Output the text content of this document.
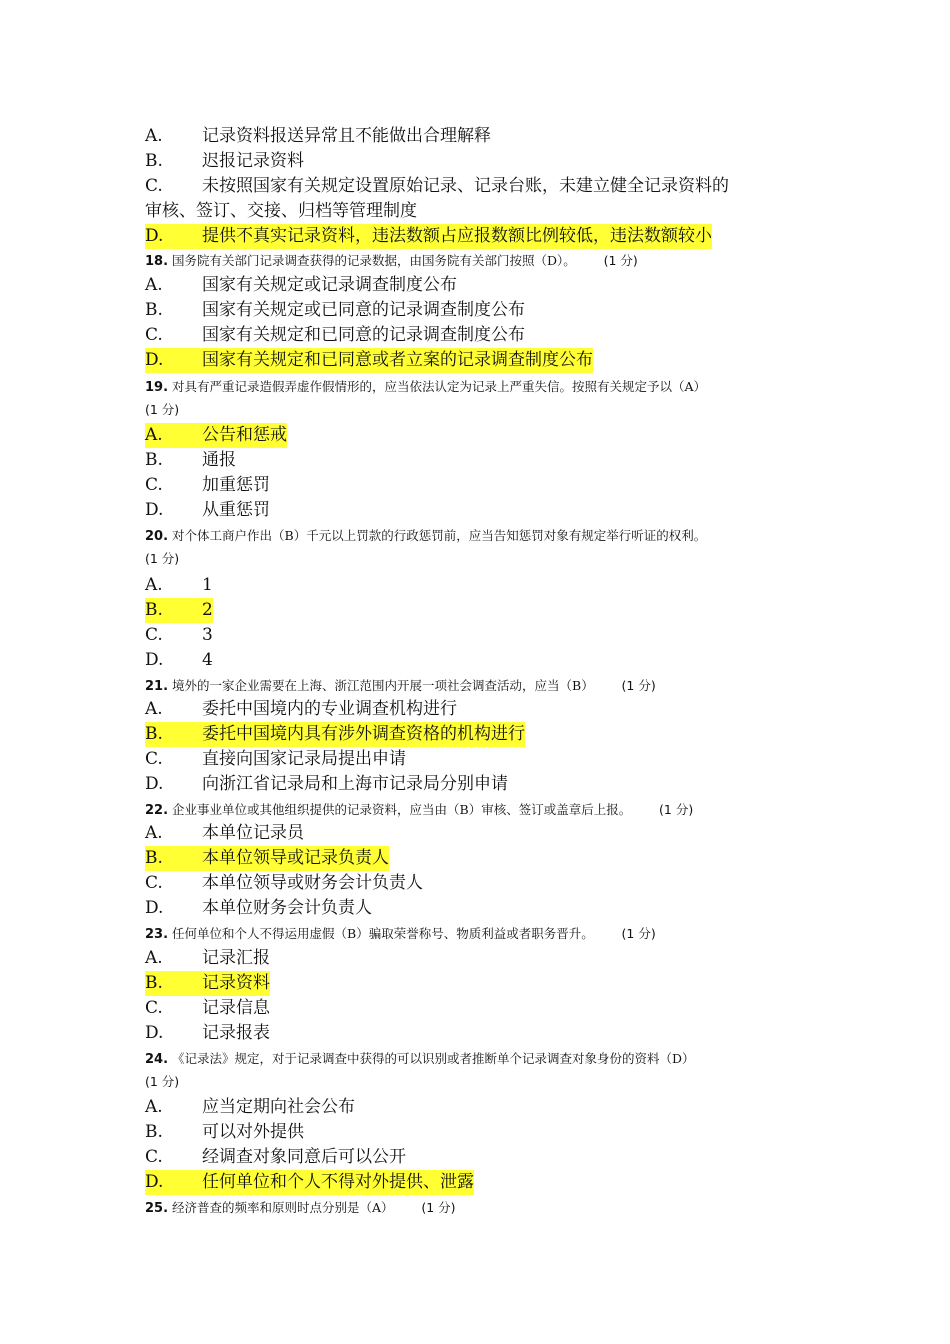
A. 记录资料报送异常且不能做出合理解释
B. 迟报记录资料
C. 未按照国家有关规定设置原始记录、记录台账，未建立健全记录资料的
审核、签订、交接、归档等管理制度
D. 提供不真实记录资料，违法数额占应报数额比例较低，违法数额较小
18. 国务院有关部门记录调查获得的记录数据，由国务院有关部门按照（D）。 (1 分)
A. 国家有关规定或记录调查制度公布
B. 国家有关规定或已同意的记录调查制度公布
C. 国家有关规定和已同意的记录调查制度公布
D. 国家有关规定和已同意或者立案的记录调查制度公布
19. 对具有严重记录造假弄虚作假情形的，应当依法认定为记录上严重失信。按照有关规定予以（A）
(1 分)
A. 公告和惩戒
B. 通报
C. 加重惩罚
D. 从重惩罚
20. 对个体工商户作出（B）千元以上罚款的行政惩罚前，应当告知惩罚对象有规定举行听证的权利。
(1 分)
A. 1
B. 2
C. 3
D. 4
21. 境外的一家企业需要在上海、浙江范围内开展一项社会调查活动，应当（B） (1 分)
A. 委托中国境内的专业调查机构进行
B. 委托中国境内具有涉外调查资格的机构进行
C. 直接向国家记录局提出申请
D. 向浙江省记录局和上海市记录局分别申请
22. 企业事业单位或其他组织提供的记录资料，应当由（B）审核、签订或盖章后上报。 (1 分)
A. 本单位记录员
B. 本单位领导或记录负责人
C. 本单位领导或财务会计负责人
D. 本单位财务会计负责人
23. 任何单位和个人不得运用虚假（B）骗取荣誉称号、物质利益或者职务晋升。 (1 分)
A. 记录汇报
B. 记录资料
C. 记录信息
D. 记录报表
24. 《记录法》规定，对于记录调查中获得的可以识别或者推断单个记录调查对象身份的资料（D）
(1 分)
A. 应当定期向社会公布
B. 可以对外提供
C. 经调查对象同意后可以公开
D. 任何单位和个人不得对外提供、泄露
25. 经济普查的频率和原则时点分别是（A） (1 分)
